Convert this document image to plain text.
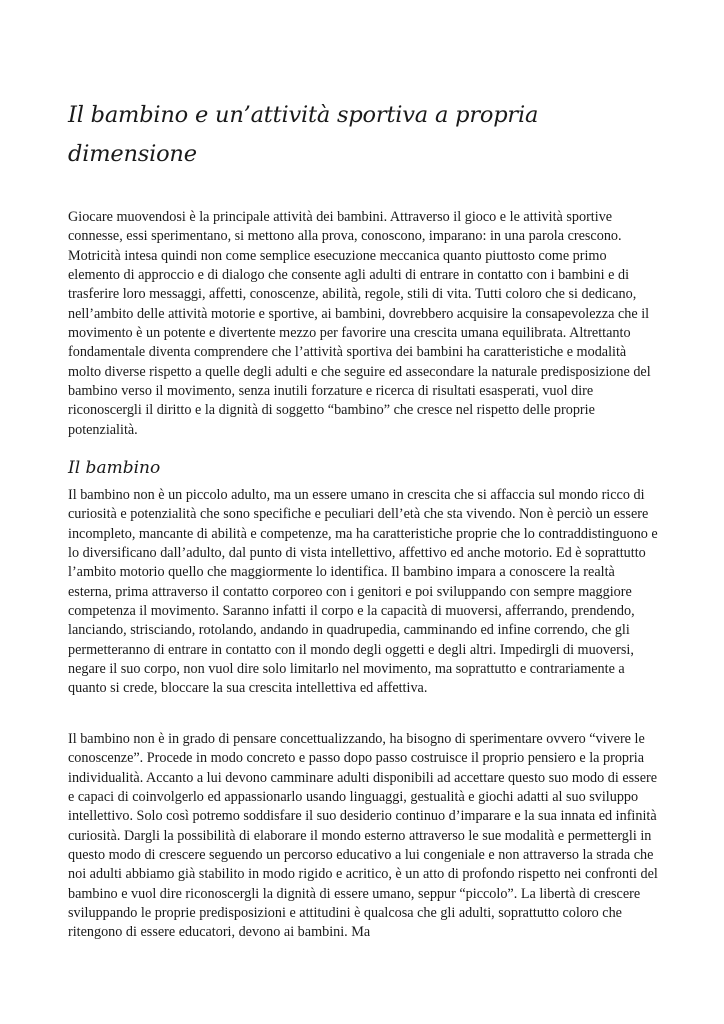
Il bambino e un’attività sportiva a propria dimensione

Giocare muovendosi è la principale attività dei bambini. Attraverso il gioco e le attività sportive connesse, essi sperimentano, si mettono alla prova, conoscono, imparano: in una parola crescono. Motricità intesa quindi non come semplice esecuzione meccanica quanto piuttosto come primo elemento di approccio e di dialogo che consente agli adulti di entrare in contatto con i bambini e di trasferire loro messaggi, affetti, conoscenze, abilità, regole, stili di vita. Tutti coloro che si dedicano, nell’ambito delle attività motorie e sportive, ai bambini, dovrebbero acquisire la consapevolezza che il movimento è un potente e divertente mezzo per favorire una crescita umana equilibrata. Altrettanto fondamentale diventa comprendere che l’attività sportiva dei bambini ha caratteristiche e modalità molto diverse rispetto a quelle degli adulti e che seguire ed assecondare la naturale predisposizione del bambino verso il movimento, senza inutili forzature e ricerca di risultati esasperati, vuol dire riconoscergli il diritto e la dignità di soggetto “bambino” che cresce nel rispetto delle proprie potenzialità.

Il bambino

Il bambino non è un piccolo adulto, ma un essere umano in crescita che si affaccia sul mondo ricco di curiosità e potenzialità che sono specifiche e peculiari dell’età che sta vivendo. Non è perciò un essere incompleto, mancante di abilità e competenze, ma ha caratteristiche proprie che lo contraddistinguono e lo diversificano dall’adulto, dal punto di vista intellettivo, affettivo ed anche motorio. Ed è soprattutto l’ambito motorio quello che maggiormente lo identifica. Il bambino impara a conoscere la realtà esterna, prima attraverso il contatto corporeo con i genitori e poi sviluppando con sempre maggiore competenza il movimento. Saranno infatti il corpo e la capacità di muoversi, afferrando, prendendo, lanciando, strisciando, rotolando, andando in quadrupedia, camminando ed infine correndo, che gli permetteranno di entrare in contatto con il mondo degli oggetti e degli altri. Impedirgli di muoversi, negare il suo corpo, non vuol dire solo limitarlo nel movimento, ma soprattutto e contrariamente a quanto si crede, bloccare la sua crescita intellettiva ed affettiva.

Il bambino non è in grado di pensare concettualizzando, ha bisogno di sperimentare ovvero “vivere le conoscenze”. Procede in modo concreto e passo dopo passo costruisce il proprio pensiero e la propria individualità. Accanto a lui devono camminare adulti disponibili ad accettare questo suo modo di essere e capaci di coinvolgerlo ed appassionarlo usando linguaggi, gestualità e giochi adatti al suo sviluppo intellettivo. Solo così potremo soddisfare il suo desiderio continuo d’imparare e la sua innata ed infinità curiosità. Dargli la possibilità di elaborare il mondo esterno attraverso le sue modalità e permettergli in questo modo di crescere seguendo un percorso educativo a lui congeniale e non attraverso la strada che noi adulti abbiamo già stabilito in modo rigido e acritico, è un atto di profondo rispetto nei confronti del bambino e vuol dire riconoscergli la dignità di essere umano, seppur “piccolo”. La libertà di crescere sviluppando le proprie predisposizioni e attitudini è qualcosa che gli adulti, soprattutto coloro che ritengono di essere educatori, devono ai bambini. Ma
